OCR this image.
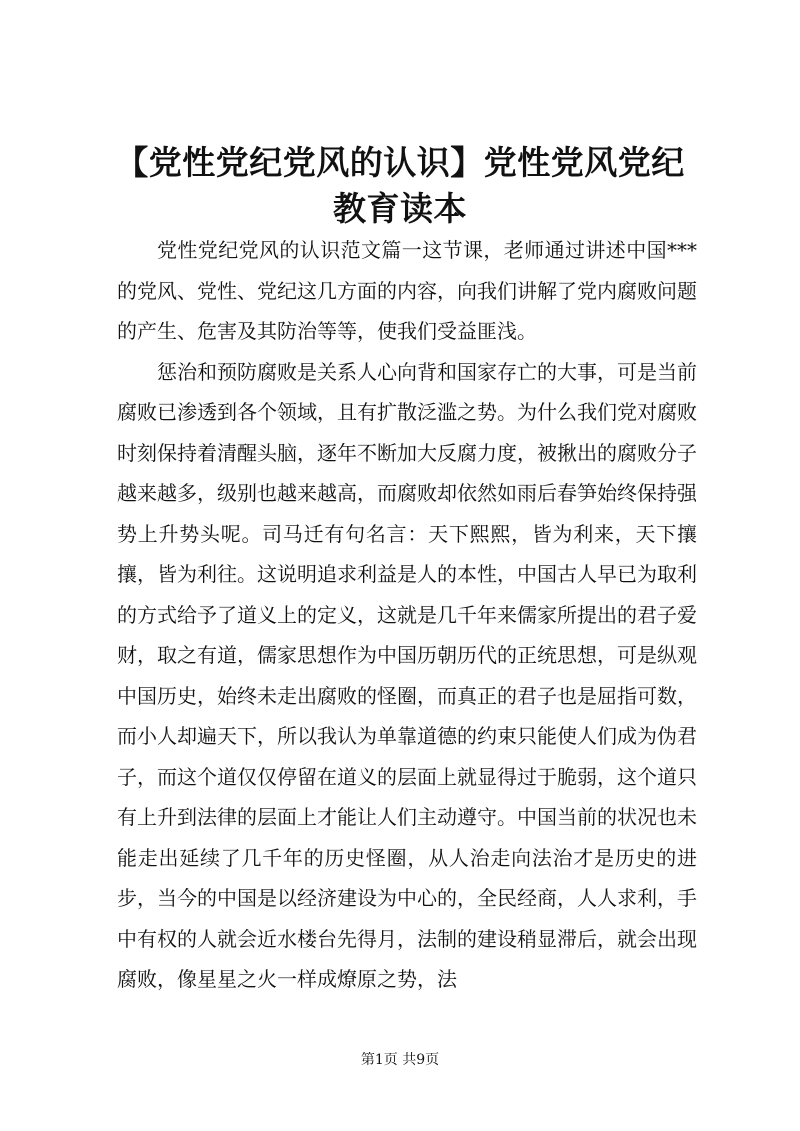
【党性党纪党风的认识】党性党风党纪教育读本

党性党纪党风的认识范文篇一这节课，老师通过讲述中国***的党风、党性、党纪这几方面的内容，向我们讲解了党内腐败问题的产生、危害及其防治等等，使我们受益匪浅。

惩治和预防腐败是关系人心向背和国家存亡的大事，可是当前腐败已渗透到各个领域，且有扩散泛滥之势。为什么我们党对腐败时刻保持着清醒头脑，逐年不断加大反腐力度，被揪出的腐败分子越来越多，级别也越来越高，而腐败却依然如雨后春笋始终保持强势上升势头呢。司马迁有句名言：天下熙熙，皆为利来，天下攘攘，皆为利往。这说明追求利益是人的本性，中国古人早已为取利的方式给予了道义上的定义，这就是几千年来儒家所提出的君子爱财，取之有道，儒家思想作为中国历朝历代的正统思想，可是纵观中国历史，始终未走出腐败的怪圈，而真正的君子也是屈指可数，而小人却遍天下，所以我认为单靠道德的约束只能使人们成为伪君子，而这个道仅仅停留在道义的层面上就显得过于脆弱，这个道只有上升到法律的层面上才能让人们主动遵守。中国当前的状况也未能走出延续了几千年的历史怪圈，从人治走向法治才是历史的进步，当今的中国是以经济建设为中心的，全民经商，人人求利，手中有权的人就会近水楼台先得月，法制的建设稍显滞后，就会出现腐败，像星星之火一样成燎原之势，法

第1页 共9页
